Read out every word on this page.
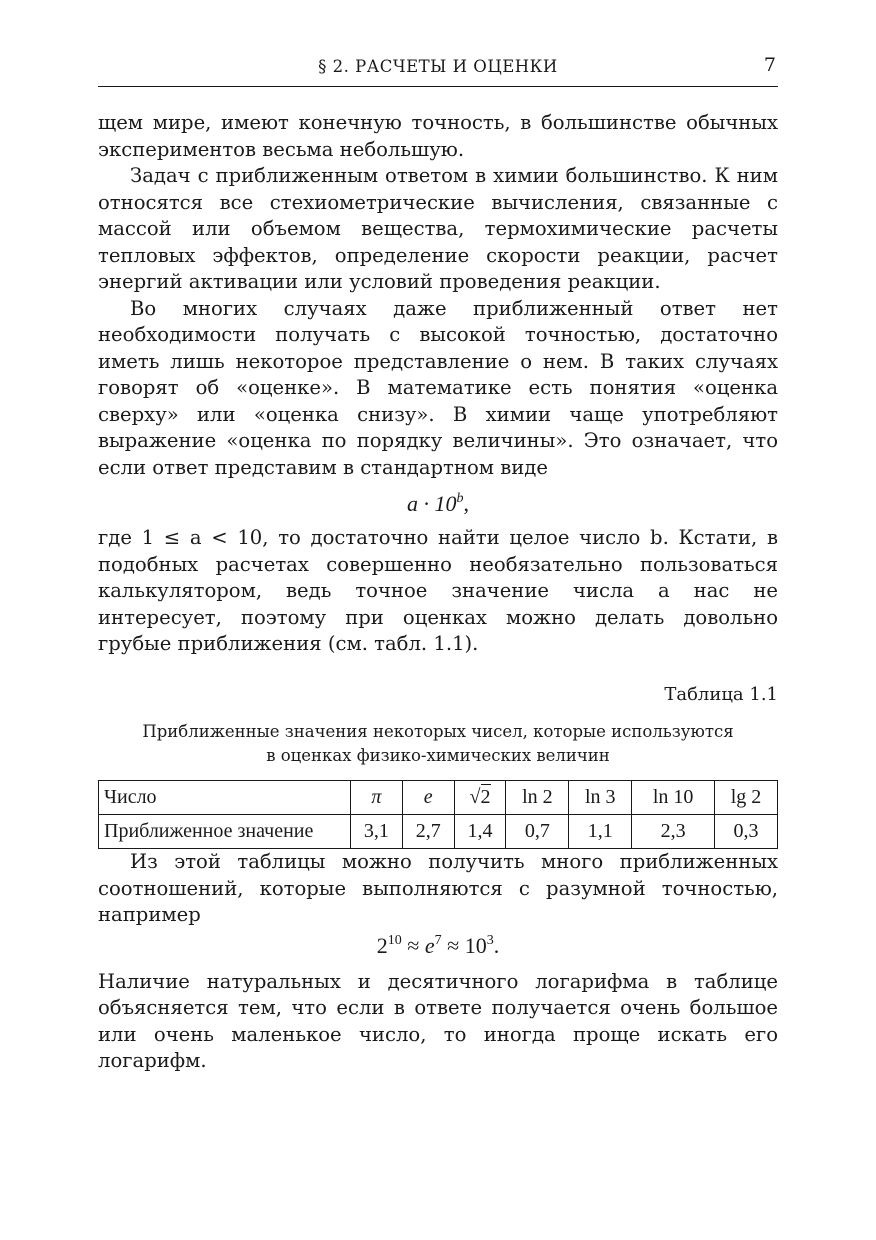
§ 2. РАСЧЕТЫ И ОЦЕНКИ	7

щем мире, имеют конечную точность, в большинстве обычных экспериментов весьма небольшую.

Задач с приближенным ответом в химии большинство. К ним относятся все стехиометрические вычисления, связанные с массой или объемом вещества, термохимические расчеты тепловых эффектов, определение скорости реакции, расчет энергий активации или условий проведения реакции.

Во многих случаях даже приближенный ответ нет необходимости получать с высокой точностью, достаточно иметь лишь некоторое представление о нем. В таких случаях говорят об «оценке». В математике есть понятия «оценка сверху» или «оценка снизу». В химии чаще употребляют выражение «оценка по порядку величины». Это означает, что если ответ представим в стандартном виде

$a \cdot 10^b$,

где 1 ≤ a < 10, то достаточно найти целое число b. Кстати, в подобных расчетах совершенно необязательно пользоваться калькулятором, ведь точное значение числа a нас не интересует, поэтому при оценках можно делать довольно грубые приближения (см. табл. 1.1).

Таблица 1.1
Приближенные значения некоторых чисел, которые используются
в оценках физико-химических величин
Число	π	e	√2	ln 2	ln 3	ln 10	lg 2
Приближенное значение	3,1	2,7	1,4	0,7	1,1	2,3	0,3

Из этой таблицы можно получить много приближенных соотношений, которые выполняются с разумной точностью, например

$2^{10} \approx e^7 \approx 10^3$.

Наличие натуральных и десятичного логарифма в таблице объясняется тем, что если в ответе получается очень большое или очень маленькое число, то иногда проще искать его логарифм.
